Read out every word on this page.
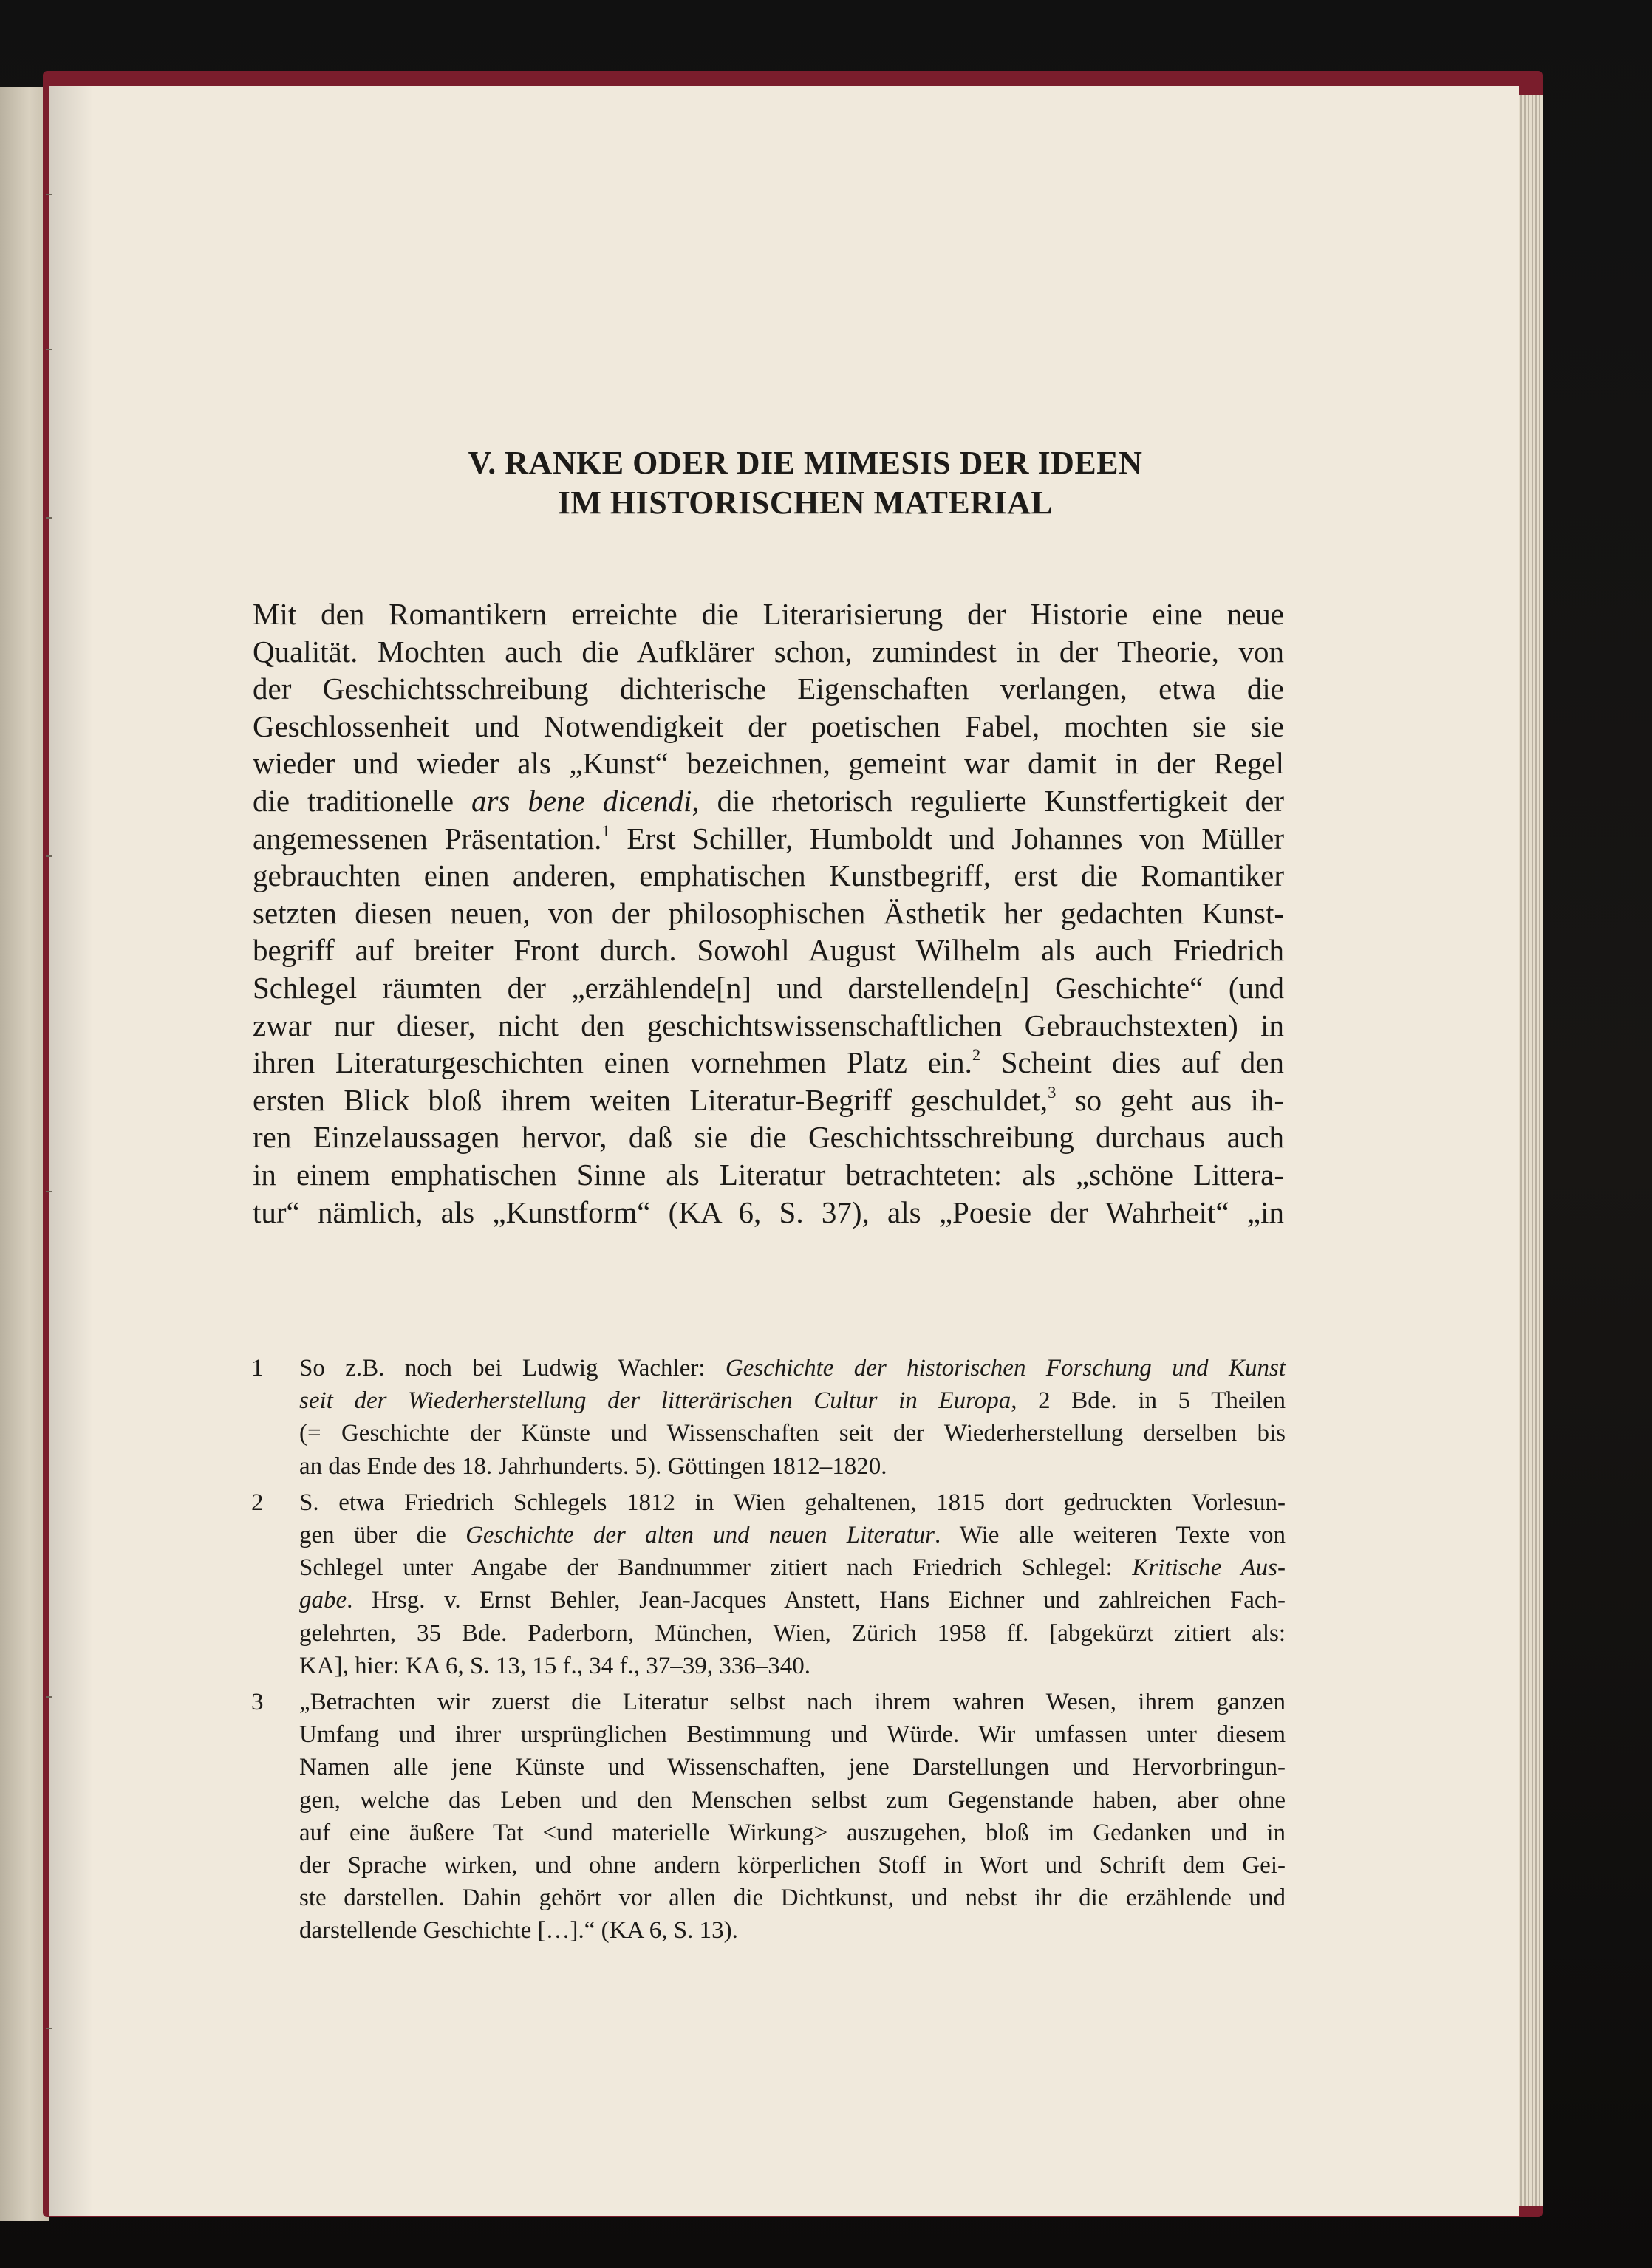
V. RANKE ODER DIE MIMESIS DER IDEEN
IM HISTORISCHEN MATERIAL
Mit den Romantikern erreichte die Literarisierung der Historie eine neue
Qualität. Mochten auch die Aufklärer schon, zumindest in der Theorie, von
der Geschichtsschreibung dichterische Eigenschaften verlangen, etwa die
Geschlossenheit und Notwendigkeit der poetischen Fabel, mochten sie sie
wieder und wieder als „Kunst“ bezeichnen, gemeint war damit in der Regel
die traditionelle ars bene dicendi, die rhetorisch regulierte Kunstfertigkeit der
angemessenen Präsentation.$^1$ Erst Schiller, Humboldt und Johannes von Müller
gebrauchten einen anderen, emphatischen Kunstbegriff, erst die Romantiker
setzten diesen neuen, von der philosophischen Ästhetik her gedachten Kunst-
begriff auf breiter Front durch. Sowohl August Wilhelm als auch Friedrich
Schlegel räumten der „erzählende[n] und darstellende[n] Geschichte“ (und
zwar nur dieser, nicht den geschichtswissenschaftlichen Gebrauchstexten) in
ihren Literaturgeschichten einen vornehmen Platz ein.$^2$ Scheint dies auf den
ersten Blick bloß ihrem weiten Literatur-Begriff geschuldet,$^3$ so geht aus ih-
ren Einzelaussagen hervor, daß sie die Geschichtsschreibung durchaus auch
in einem emphatischen Sinne als Literatur betrachteten: als „schöne Littera-
tur“ nämlich, als „Kunstform“ (KA 6, S. 37), als „Poesie der Wahrheit“ „in
1 So z.B. noch bei Ludwig Wachler: Geschichte der historischen Forschung und Kunst
seit der Wiederherstellung der litterärischen Cultur in Europa, 2 Bde. in 5 Theilen
(= Geschichte der Künste und Wissenschaften seit der Wiederherstellung derselben bis
an das Ende des 18. Jahrhunderts. 5). Göttingen 1812–1820.
2 S. etwa Friedrich Schlegels 1812 in Wien gehaltenen, 1815 dort gedruckten Vorlesun-
gen über die Geschichte der alten und neuen Literatur. Wie alle weiteren Texte von
Schlegel unter Angabe der Bandnummer zitiert nach Friedrich Schlegel: Kritische Aus-
gabe. Hrsg. v. Ernst Behler, Jean-Jacques Anstett, Hans Eichner und zahlreichen Fach-
gelehrten, 35 Bde. Paderborn, München, Wien, Zürich 1958 ff. [abgekürzt zitiert als:
KA], hier: KA 6, S. 13, 15 f., 34 f., 37–39, 336–340.
3 „Betrachten wir zuerst die Literatur selbst nach ihrem wahren Wesen, ihrem ganzen
Umfang und ihrer ursprünglichen Bestimmung und Würde. Wir umfassen unter diesem
Namen alle jene Künste und Wissenschaften, jene Darstellungen und Hervorbringun-
gen, welche das Leben und den Menschen selbst zum Gegenstande haben, aber ohne
auf eine äußere Tat <und materielle Wirkung> auszugehen, bloß im Gedanken und in
der Sprache wirken, und ohne andern körperlichen Stoff in Wort und Schrift dem Gei-
ste darstellen. Dahin gehört vor allen die Dichtkunst, und nebst ihr die erzählende und
darstellende Geschichte […].“ (KA 6, S. 13).
